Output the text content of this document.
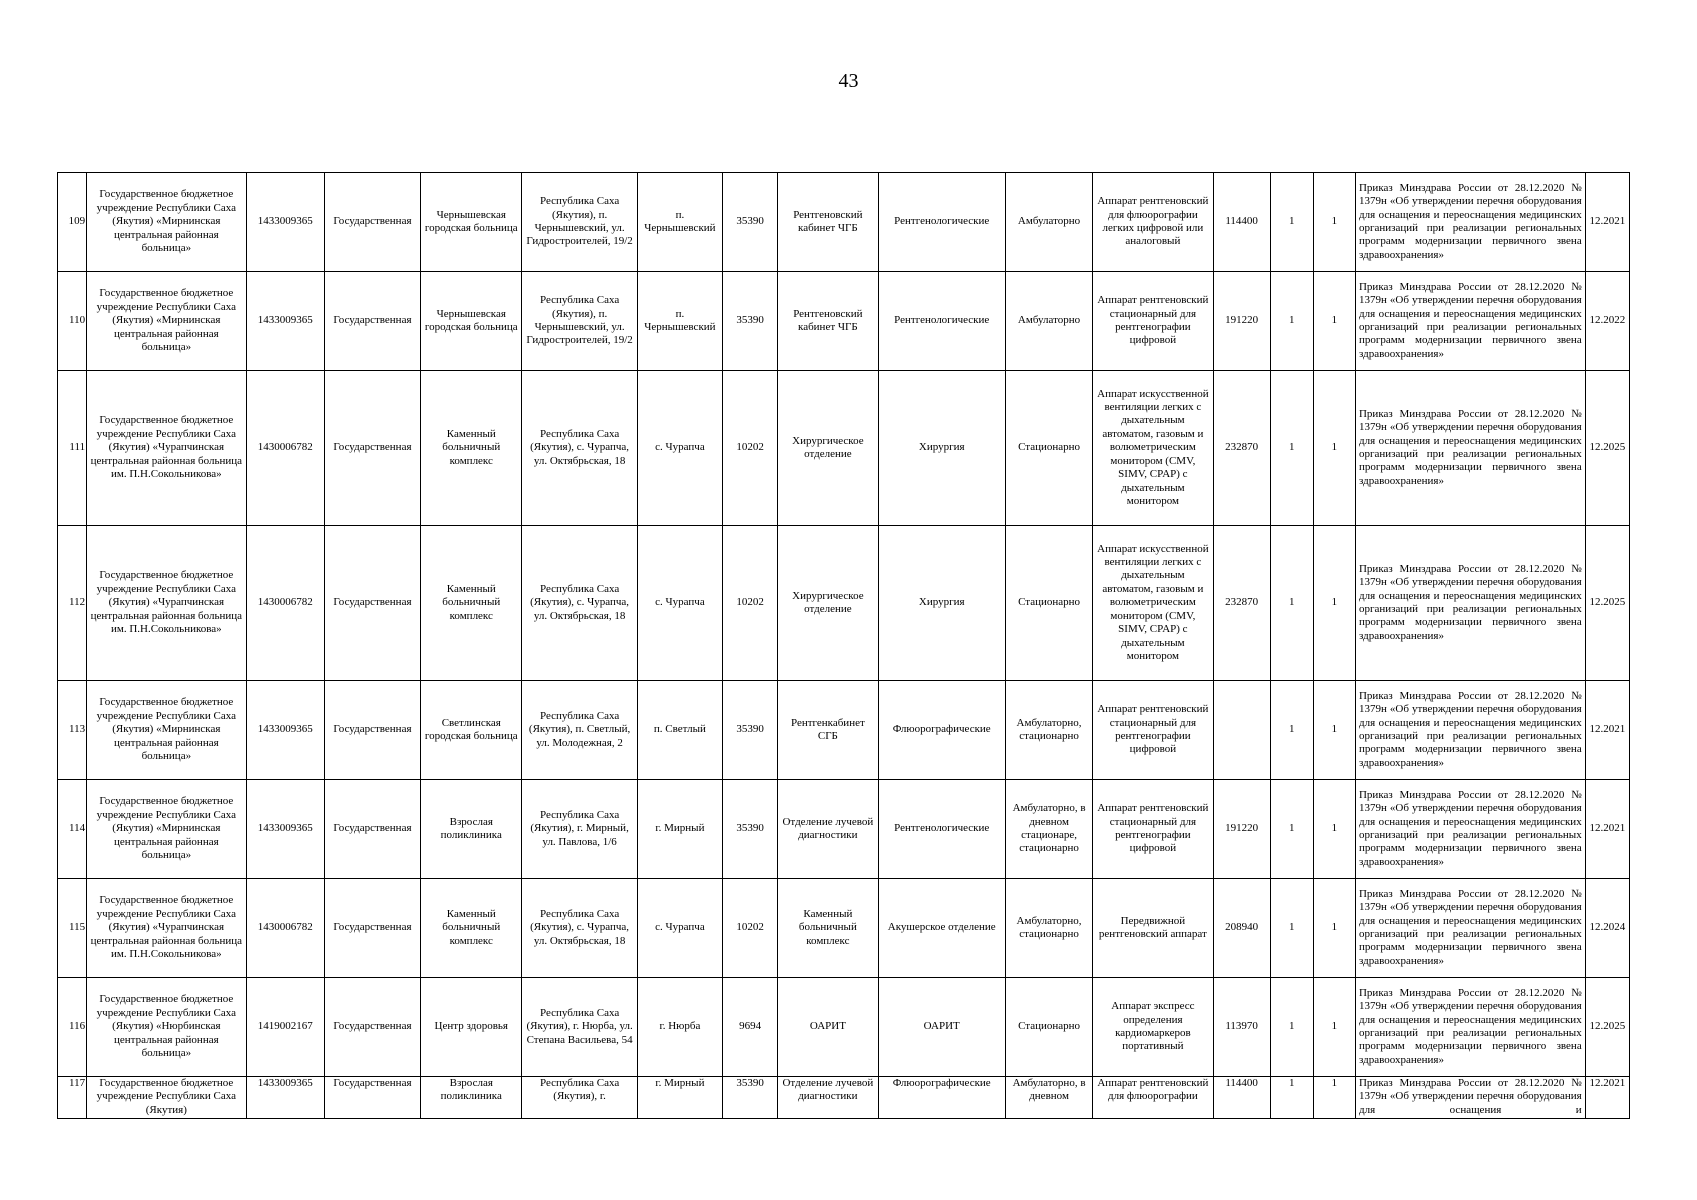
43
109	Государственное бюджетное учреждение Республики Саха (Якутия) «Мирнинская центральная районная больница»	1433009365	Государственная	Чернышевская городская больница	Республика Саха (Якутия), п. Чернышевский, ул. Гидростроителей, 19/2	п. Чернышевский	35390	Рентгеновский кабинет ЧГБ	Рентгенологические	Амбулаторно	Аппарат рентгеновский для флюорографии легких цифровой или аналоговый	114400	1	1	Приказ Минздрава России от 28.12.2020 № 1379н «Об утверждении перечня оборудования для оснащения и переоснащения медицинских организаций при реализации региональных программ модернизации первичного звена здравоохранения»	12.2021
110	Государственное бюджетное учреждение Республики Саха (Якутия) «Мирнинская центральная районная больница»	1433009365	Государственная	Чернышевская городская больница	Республика Саха (Якутия), п. Чернышевский, ул. Гидростроителей, 19/2	п. Чернышевский	35390	Рентгеновский кабинет ЧГБ	Рентгенологические	Амбулаторно	Аппарат рентгеновский стационарный для рентгенографии цифровой	191220	1	1	Приказ Минздрава России от 28.12.2020 № 1379н «Об утверждении перечня оборудования для оснащения и переоснащения медицинских организаций при реализации региональных программ модернизации первичного звена здравоохранения»	12.2022
111	Государственное бюджетное учреждение Республики Саха (Якутия) «Чурапчинская центральная районная больница им. П.Н.Сокольникова»	1430006782	Государственная	Каменный больничный комплекс	Республика Саха (Якутия), с. Чурапча, ул. Октябрьская, 18	с. Чурапча	10202	Хирургическое отделение	Хирургия	Стационарно	Аппарат искусственной вентиляции легких с дыхательным автоматом, газовым и волюметрическим монитором (CMV, SIMV, CPAP) с дыхательным монитором	232870	1	1	Приказ Минздрава России от 28.12.2020 № 1379н «Об утверждении перечня оборудования для оснащения и переоснащения медицинских организаций при реализации региональных программ модернизации первичного звена здравоохранения»	12.2025
112	Государственное бюджетное учреждение Республики Саха (Якутия) «Чурапчинская центральная районная больница им. П.Н.Сокольникова»	1430006782	Государственная	Каменный больничный комплекс	Республика Саха (Якутия), с. Чурапча, ул. Октябрьская, 18	с. Чурапча	10202	Хирургическое отделение	Хирургия	Стационарно	Аппарат искусственной вентиляции легких с дыхательным автоматом, газовым и волюметрическим монитором (CMV, SIMV, CPAP) с дыхательным монитором	232870	1	1	Приказ Минздрава России от 28.12.2020 № 1379н «Об утверждении перечня оборудования для оснащения и переоснащения медицинских организаций при реализации региональных программ модернизации первичного звена здравоохранения»	12.2025
113	Государственное бюджетное учреждение Республики Саха (Якутия) «Мирнинская центральная районная больница»	1433009365	Государственная	Светлинская городская больница	Республика Саха (Якутия), п. Светлый, ул. Молодежная, 2	п. Светлый	35390	Рентгенкабинет СГБ	Флюорографические	Амбулаторно, стационарно	Аппарат рентгеновский стационарный для рентгенографии цифровой		1	1	Приказ Минздрава России от 28.12.2020 № 1379н «Об утверждении перечня оборудования для оснащения и переоснащения медицинских организаций при реализации региональных программ модернизации первичного звена здравоохранения»	12.2021
114	Государственное бюджетное учреждение Республики Саха (Якутия) «Мирнинская центральная районная больница»	1433009365	Государственная	Взрослая поликлиника	Республика Саха (Якутия), г. Мирный, ул. Павлова, 1/6	г. Мирный	35390	Отделение лучевой диагностики	Рентгенологические	Амбулаторно, в дневном стационаре, стационарно	Аппарат рентгеновский стационарный для рентгенографии цифровой	191220	1	1	Приказ Минздрава России от 28.12.2020 № 1379н «Об утверждении перечня оборудования для оснащения и переоснащения медицинских организаций при реализации региональных программ модернизации первичного звена здравоохранения»	12.2021
115	Государственное бюджетное учреждение Республики Саха (Якутия) «Чурапчинская центральная районная больница им. П.Н.Сокольникова»	1430006782	Государственная	Каменный больничный комплекс	Республика Саха (Якутия), с. Чурапча, ул. Октябрьская, 18	с. Чурапча	10202	Каменный больничный комплекс	Акушерское отделение	Амбулаторно, стационарно	Передвижной рентгеновский аппарат	208940	1	1	Приказ Минздрава России от 28.12.2020 № 1379н «Об утверждении перечня оборудования для оснащения и переоснащения медицинских организаций при реализации региональных программ модернизации первичного звена здравоохранения»	12.2024
116	Государственное бюджетное учреждение Республики Саха (Якутия) «Нюрбинская центральная районная больница»	1419002167	Государственная	Центр здоровья	Республика Саха (Якутия), г. Нюрба, ул. Степана Васильева, 54	г. Нюрба	9694	ОАРИТ	ОАРИТ	Стационарно	Аппарат экспресс определения кардиомаркеров портативный	113970	1	1	Приказ Минздрава России от 28.12.2020 № 1379н «Об утверждении перечня оборудования для оснащения и переоснащения медицинских организаций при реализации региональных программ модернизации первичного звена здравоохранения»	12.2025
117	Государственное бюджетное учреждение Республики Саха (Якутия)	1433009365	Государственная	Взрослая поликлиника	Республика Саха (Якутия), г.	г. Мирный	35390	Отделение лучевой диагностики	Флюорографические	Амбулаторно, в дневном	Аппарат рентгеновский для флюорографии	114400	1	1	Приказ Минздрава России от 28.12.2020 № 1379н «Об утверждении перечня оборудования для оснащения и	12.2021
